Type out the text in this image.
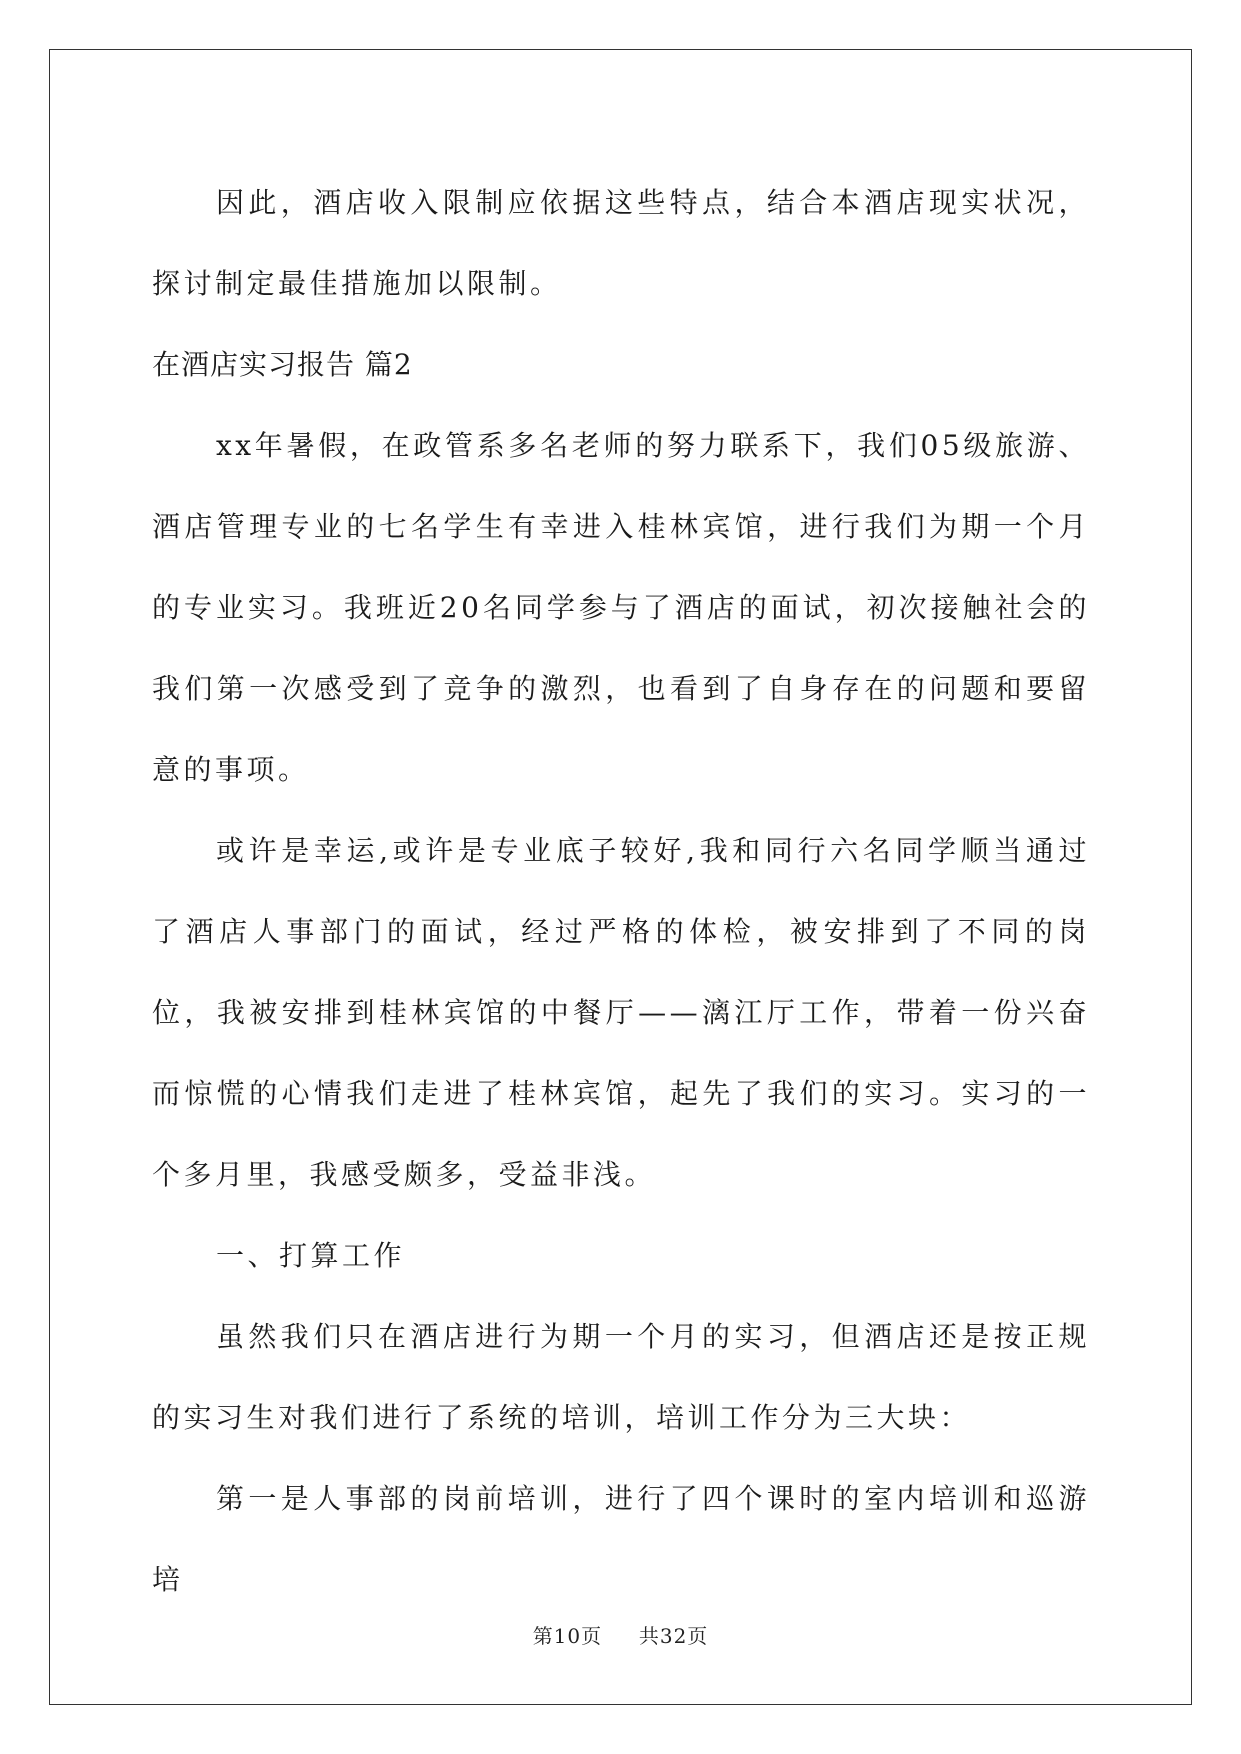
因此，酒店收入限制应依据这些特点，结合本酒店现实状况，探讨制定最佳措施加以限制。

在酒店实习报告 篇2

xx年暑假，在政管系多名老师的努力联系下，我们05级旅游、酒店管理专业的七名学生有幸进入桂林宾馆，进行我们为期一个月的专业实习。我班近20名同学参与了酒店的面试，初次接触社会的我们第一次感受到了竞争的激烈，也看到了自身存在的问题和要留意的事项。

或许是幸运,或许是专业底子较好,我和同行六名同学顺当通过了酒店人事部门的面试，经过严格的体检，被安排到了不同的岗位，我被安排到桂林宾馆的中餐厅——漓江厅工作，带着一份兴奋而惊慌的心情我们走进了桂林宾馆，起先了我们的实习。实习的一个多月里，我感受颇多，受益非浅。

一、打算工作

虽然我们只在酒店进行为期一个月的实习，但酒店还是按正规的实习生对我们进行了系统的培训，培训工作分为三大块：

第一是人事部的岗前培训，进行了四个课时的室内培训和巡游培

第10页 共32页
